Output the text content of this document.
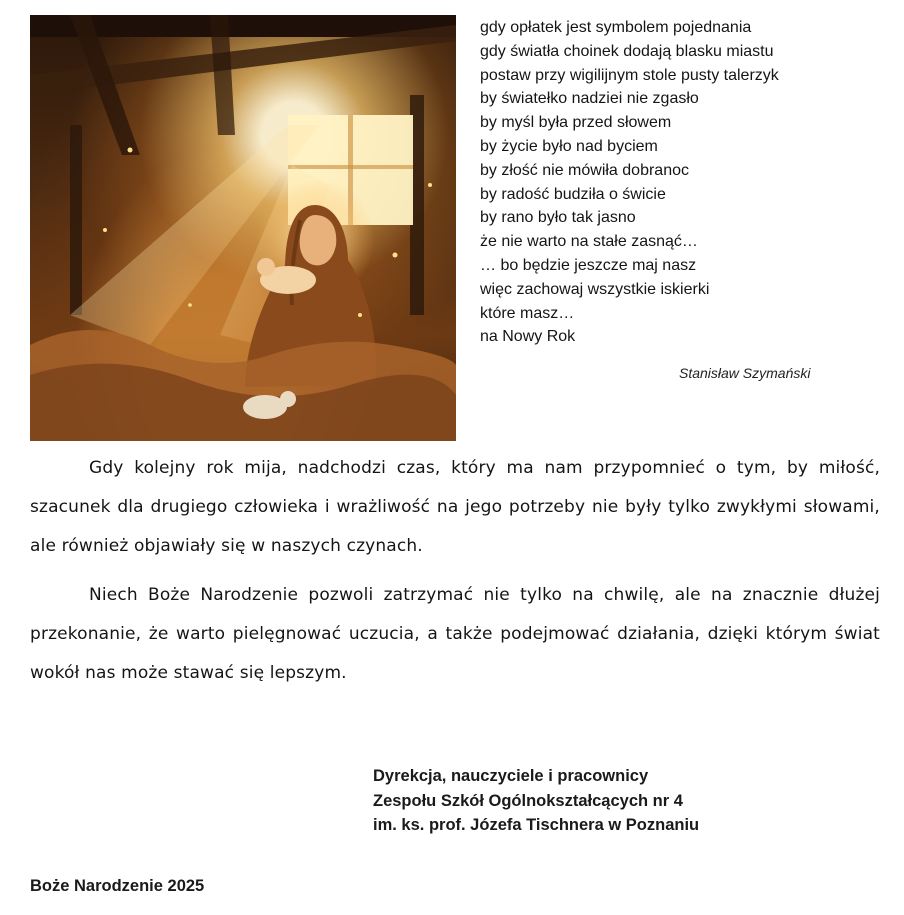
gdy opłatek jest symbolem pojednania
gdy światła choinek dodają blasku miastu
postaw przy wigilijnym stole pusty talerzyk
by światełko nadziei nie zgasło
by myśl była przed słowem
by życie było nad byciem
by złość nie mówiła dobranoc
by radość budziła o świcie
by rano było tak jasno
że nie warto na stałe zasnąć…
… bo będzie jeszcze maj nasz
więc zachowaj wszystkie iskierki
które masz…
na Nowy Rok
Stanisław Szymański

Gdy kolejny rok mija, nadchodzi czas, który ma nam przypomnieć o tym, by miłość, szacunek dla drugiego człowieka i wrażliwość na jego potrzeby nie były tylko zwykłymi słowami, ale również objawiały się w naszych czynach.

Niech Boże Narodzenie pozwoli zatrzymać nie tylko na chwilę, ale na znacznie dłużej przekonanie, że warto pielęgnować uczucia, a także podejmować działania, dzięki którym świat wokół nas może stawać się lepszym.

Dyrekcja, nauczyciele i pracownicy
Zespołu Szkół Ogólnokształcących nr 4
im. ks. prof. Józefa Tischnera w Poznaniu
Boże Narodzenie 2025
